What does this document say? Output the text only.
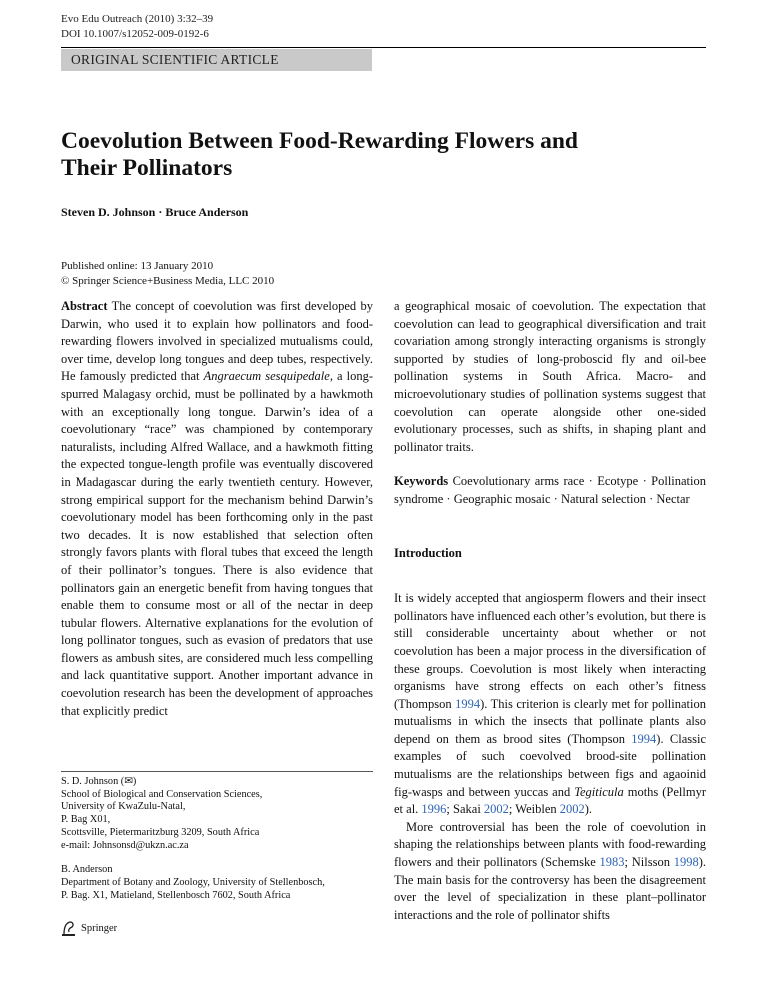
Evo Edu Outreach (2010) 3:32–39
DOI 10.1007/s12052-009-0192-6
ORIGINAL SCIENTIFIC ARTICLE
Coevolution Between Food-Rewarding Flowers and Their Pollinators
Steven D. Johnson · Bruce Anderson
Published online: 13 January 2010
© Springer Science+Business Media, LLC 2010

Abstract The concept of coevolution was first developed by Darwin, who used it to explain how pollinators and food-rewarding flowers involved in specialized mutualisms could, over time, develop long tongues and deep tubes, respectively. He famously predicted that Angraecum sesquipedale, a long-spurred Malagasy orchid, must be pollinated by a hawkmoth with an exceptionally long tongue. Darwin’s idea of a coevolutionary “race” was championed by contemporary naturalists, including Alfred Wallace, and a hawkmoth fitting the expected tongue-length profile was eventually discovered in Madagascar during the early twentieth century. However, strong empirical support for the mechanism behind Darwin’s coevolutionary model has been forthcoming only in the past two decades. It is now established that selection often strongly favors plants with floral tubes that exceed the length of their pollinator’s tongues. There is also evidence that pollinators gain an energetic benefit from having tongues that enable them to consume most or all of the nectar in deep tubular flowers. Alternative explanations for the evolution of long pollinator tongues, such as evasion of predators that use flowers as ambush sites, are considered much less compelling and lack quantitative support. Another important advance in coevolution research has been the development of approaches that explicitly predict

a geographical mosaic of coevolution. The expectation that coevolution can lead to geographical diversification and trait covariation among strongly interacting organisms is strongly supported by studies of long-proboscid fly and oil-bee pollination systems in South Africa. Macro- and microevolutionary studies of pollination systems suggest that coevolution can operate alongside other one-sided evolutionary processes, such as shifts, in shaping plant and pollinator traits.

Keywords Coevolutionary arms race · Ecotype · Pollination syndrome · Geographic mosaic · Natural selection · Nectar

Introduction

It is widely accepted that angiosperm flowers and their insect pollinators have influenced each other’s evolution, but there is still considerable uncertainty about whether or not coevolution has been a major process in the diversification of these groups. Coevolution is most likely when interacting organisms have strong effects on each other’s fitness (Thompson 1994). This criterion is clearly met for pollination mutualisms in which the insects that pollinate plants also depend on them as brood sites (Thompson 1994). Classic examples of such coevolved brood-site pollination mutualisms are the relationships between figs and agaoinid fig-wasps and between yuccas and Tegiticula moths (Pellmyr et al. 1996; Sakai 2002; Weiblen 2002).

More controversial has been the role of coevolution in shaping the relationships between plants with food-rewarding flowers and their pollinators (Schemske 1983; Nilsson 1998). The main basis for the controversy has been the disagreement over the level of specialization in these plant–pollinator interactions and the role of pollinator shifts

S. D. Johnson (✉)
School of Biological and Conservation Sciences,
University of KwaZulu-Natal,
P. Bag X01,
Scottsville, Pietermaritzburg 3209, South Africa
e-mail: Johnsonsd@ukzn.ac.za
B. Anderson
Department of Botany and Zoology, University of Stellenbosch,
P. Bag. X1, Matieland, Stellenbosch 7602, South Africa
Springer
